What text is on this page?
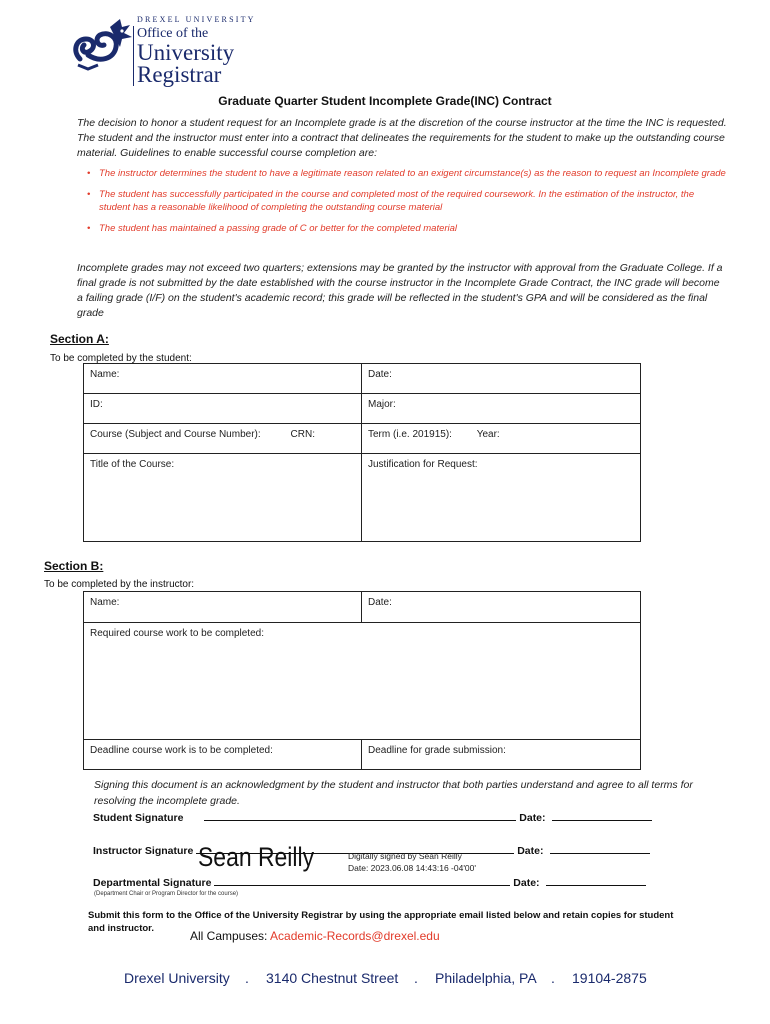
DREXEL UNIVERSITY
Office of the
University
Registrar
Graduate Quarter Student Incomplete Grade(INC) Contract
The decision to honor a student request for an Incomplete grade is at the discretion of the course instructor at the time the INC is requested. The student and the instructor must enter into a contract that delineates the requirements for the student to make up the outstanding course material. Guidelines to enable successful course completion are:
• The instructor determines the student to have a legitimate reason related to an exigent circumstance(s) as the reason to request an Incomplete grade
• The student has successfully participated in the course and completed most of the required coursework. In the estimation of the instructor, the student has a reasonable likelihood of completing the outstanding course material
• The student has maintained a passing grade of C or better for the completed material
Incomplete grades may not exceed two quarters; extensions may be granted by the instructor with approval from the Graduate College. If a final grade is not submitted by the date established with the course instructor in the Incomplete Grade Contract, the INC grade will become a failing grade (I/F) on the student's academic record; this grade will be reflected in the student's GPA and will be considered as the final grade
Section A:
To be completed by the student:
Name:	Date:
ID:	Major:

Course (Subject and Course Number): CRN:	Term (i.e. 201915): Year:
Title of the Course:	Justification for Request:
Section B:
To be completed by the instructor:
Name:	Date:
Required course work to be completed:	
Deadline course work is to be completed:	Deadline for grade submission:
Signing this document is an acknowledgment by the student and instructor that both parties understand and agree to all terms for resolving the incomplete grade.
Student Signature	Date:
Instructor Signature	Date:
Sean Reilly	Digitally signed by Sean Reilly
Date: 2023.06.08 14:43:16 -04'00'
Departmental Signature	Date:
(Department Chair or Program Director for the course)
Submit this form to the Office of the University Registrar by using the appropriate email listed below and retain copies for student and instructor.
All Campuses: Academic-Records@drexel.edu
Drexel University . 3140 Chestnut Street . Philadelphia, PA . 19104-2875
